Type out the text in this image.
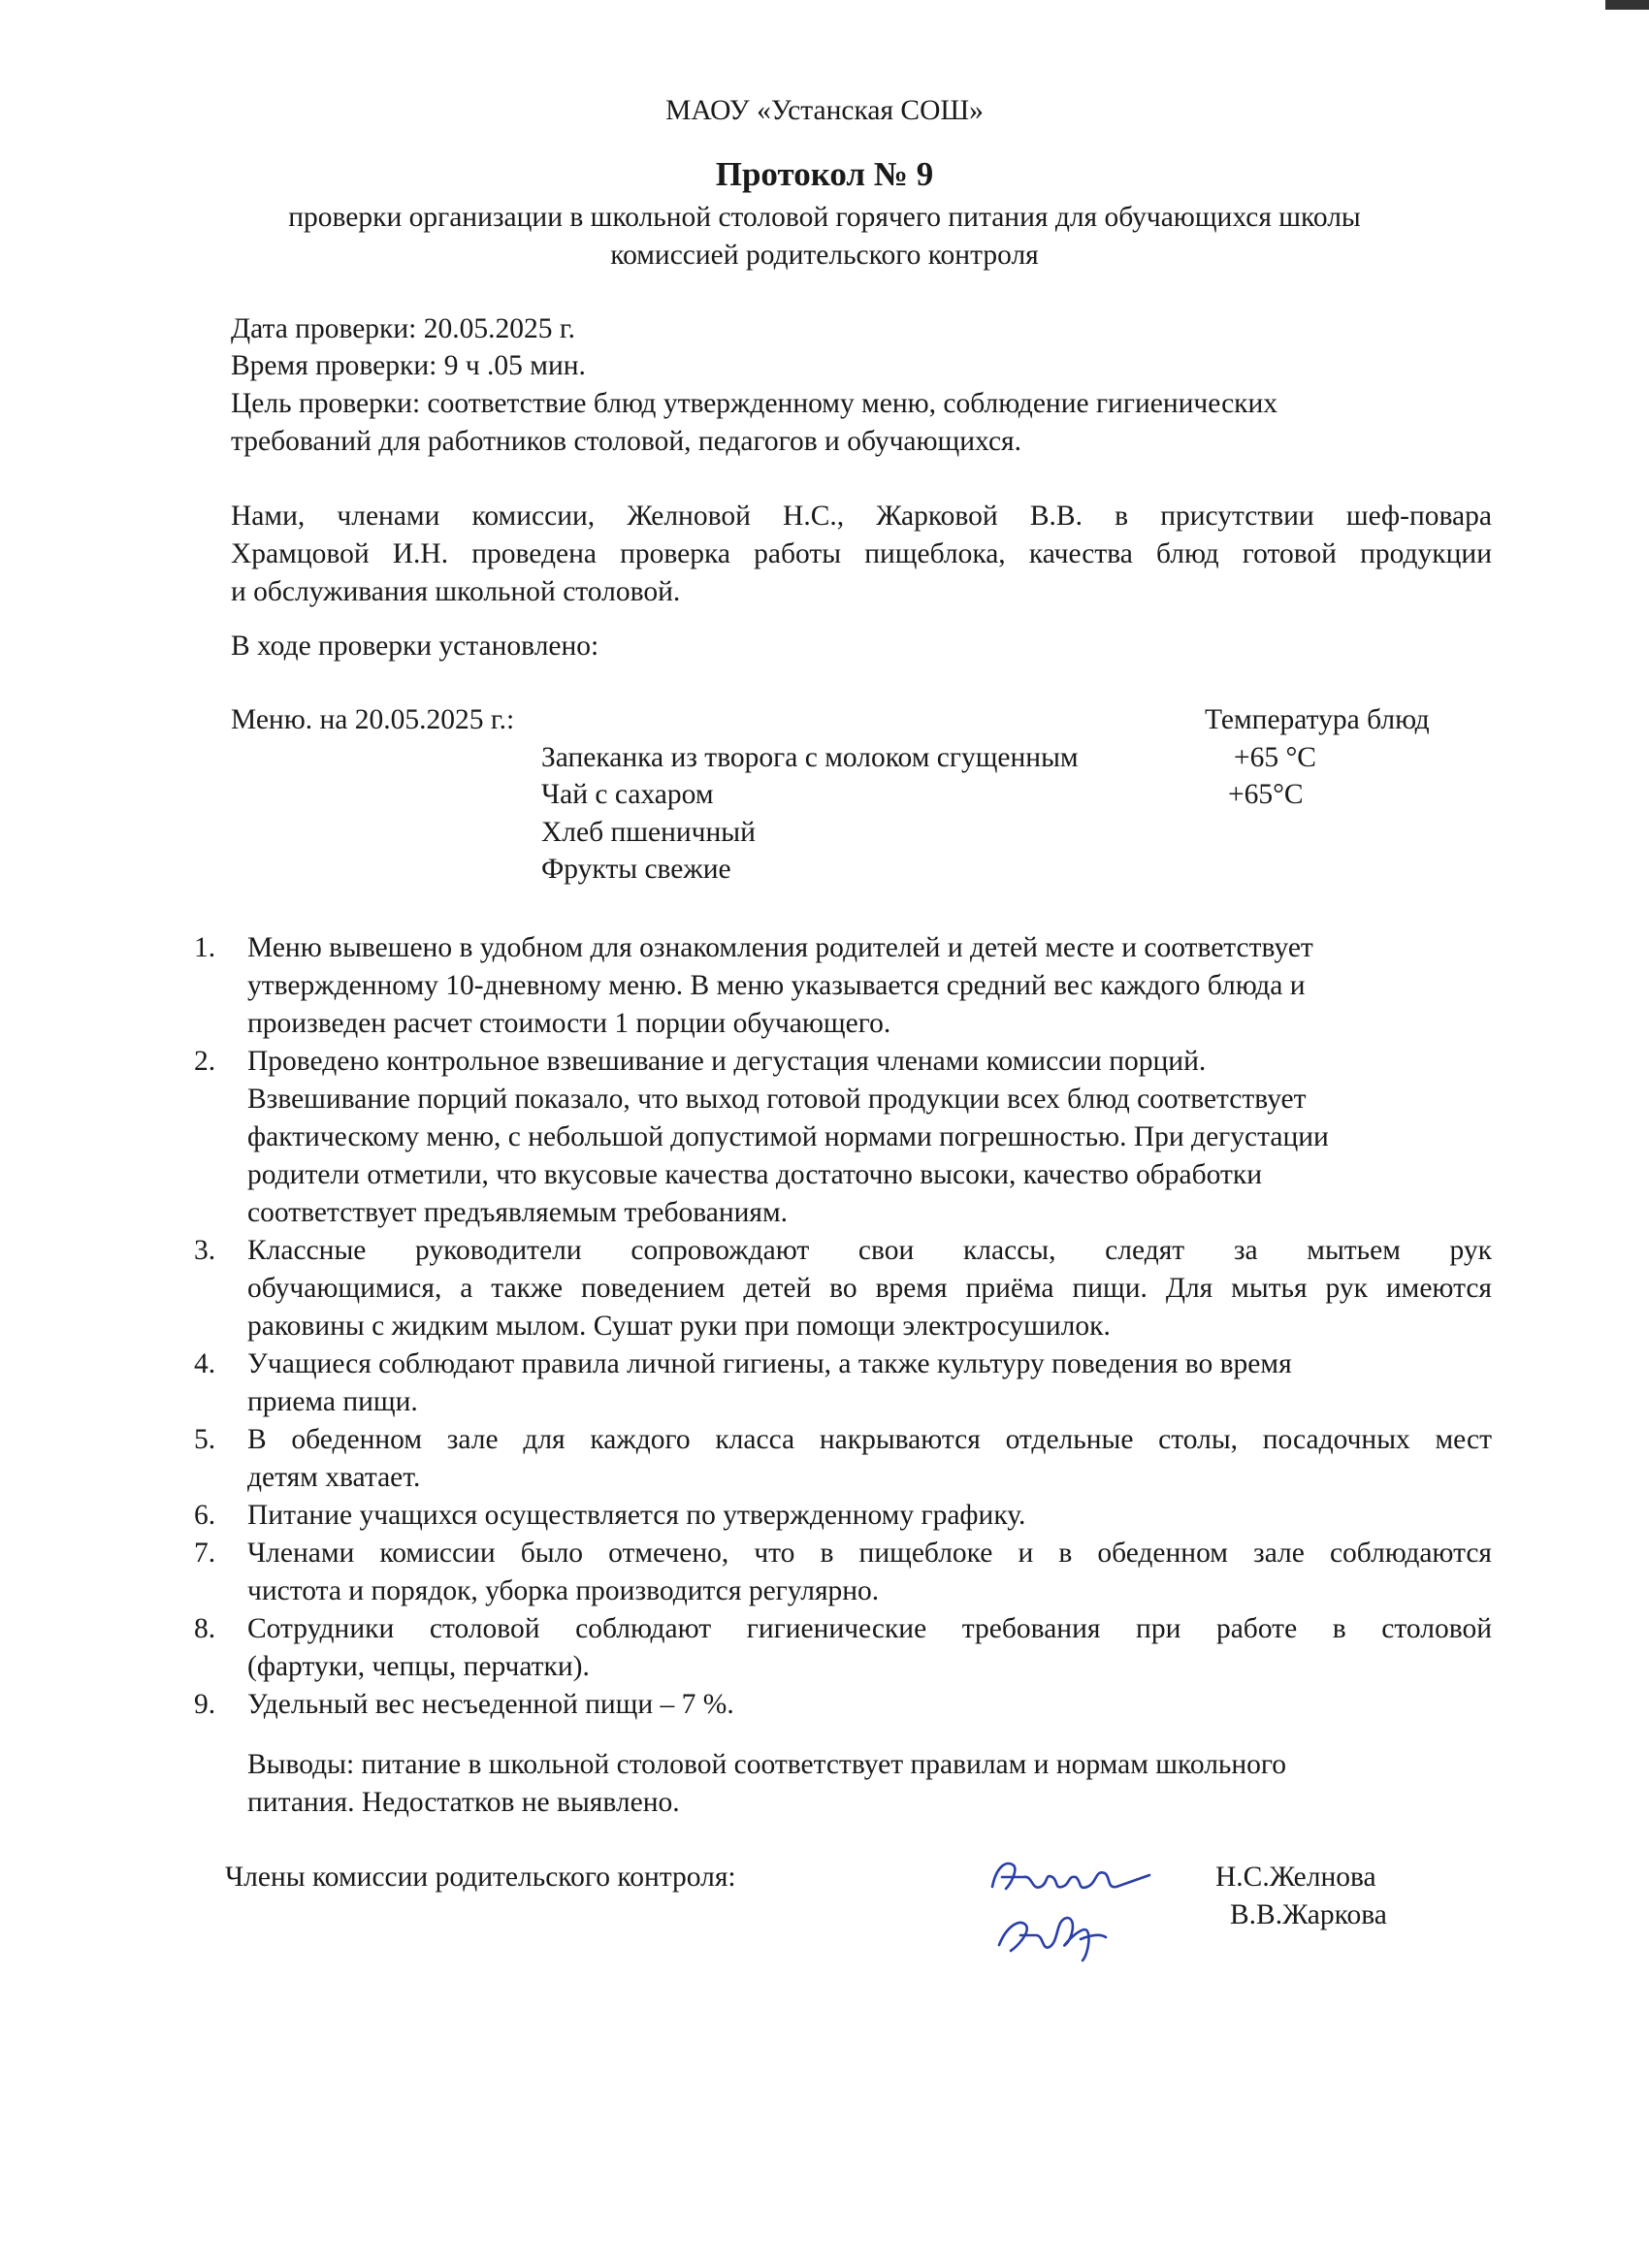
МАОУ «Устанская СОШ»
Протокол № 9
проверки организации в школьной столовой горячего питания для обучающихся школы
комиссией родительского контроля
Дата проверки: 20.05.2025 г.
Время проверки: 9 ч .05 мин.
Цель проверки: соответствие блюд утвержденному меню, соблюдение гигиенических
требований для работников столовой, педагогов и обучающихся.
Нами, членами комиссии, Желновой Н.С., Жарковой В.В. в присутствии шеф-повара
Храмцовой И.Н. проведена проверка работы пищеблока, качества блюд готовой продукции
и обслуживания школьной столовой.
В ходе проверки установлено:
Меню. на 20.05.2025 г.:	Температура блюд
Запеканка из творога с молоком сгущенным	+65 °С
Чай с сахаром	+65°С
Хлеб пшеничный
Фрукты свежие
1. Меню вывешено в удобном для ознакомления родителей и детей месте и соответствует
утвержденному 10-дневному меню. В меню указывается средний вес каждого блюда и
произведен расчет стоимости 1 порции обучающего.
2. Проведено контрольное взвешивание и дегустация членами комиссии порций.
Взвешивание порций показало, что выход готовой продукции всех блюд соответствует
фактическому меню, с небольшой допустимой нормами погрешностью. При дегустации
родители отметили, что вкусовые качества достаточно высоки, качество обработки
соответствует предъявляемым требованиям.
3. Классные руководители сопровождают свои классы, следят за мытьем рук
обучающимися, а также поведением детей во время приёма пищи. Для мытья рук имеются
раковины с жидким мылом. Сушат руки при помощи электросушилок.
4. Учащиеся соблюдают правила личной гигиены, а также культуру поведения во время
приема пищи.
5. В обеденном зале для каждого класса накрываются отдельные столы, посадочных мест
детям хватает.
6. Питание учащихся осуществляется по утвержденному графику.
7. Членами комиссии было отмечено, что в пищеблоке и в обеденном зале соблюдаются
чистота и порядок, уборка производится регулярно.
8. Сотрудники столовой соблюдают гигиенические требования при работе в столовой
(фартуки, чепцы, перчатки).
9. Удельный вес несъеденной пищи – 7 %.
Выводы: питание в школьной столовой соответствует правилам и нормам школьного
питания. Недостатков не выявлено.
Члены комиссии родительского контроля:	Н.С.Желнова
В.В.Жаркова
